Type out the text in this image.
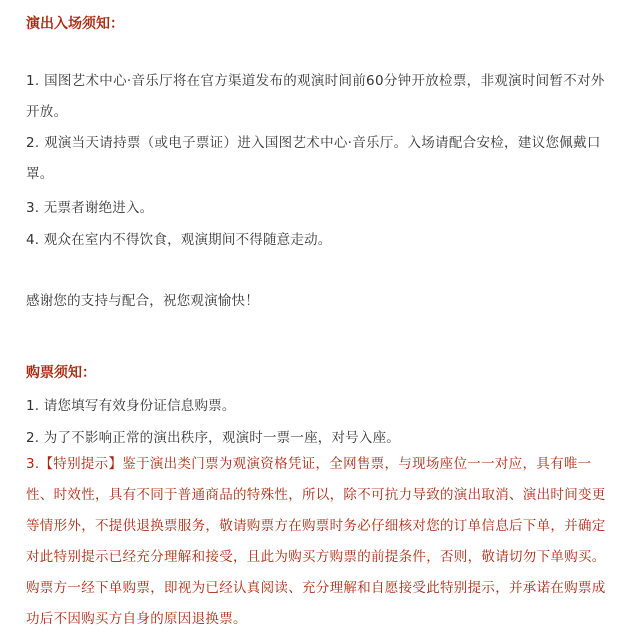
演出入场须知：
1. 国图艺术中心·音乐厅将在官方渠道发布的观演时间前60分钟开放检票，非观演时间暂不对外开放。
2. 观演当天请持票（或电子票证）进入国图艺术中心·音乐厅。入场请配合安检，建议您佩戴口罩。
3. 无票者谢绝进入。
4. 观众在室内不得饮食，观演期间不得随意走动。
感谢您的支持与配合，祝您观演愉快！
购票须知：
1. 请您填写有效身份证信息购票。
2. 为了不影响正常的演出秩序，观演时一票一座，对号入座。
3.【特别提示】鉴于演出类门票为观演资格凭证，全网售票，与现场座位一一对应，具有唯一性、时效性，具有不同于普通商品的特殊性，所以，除不可抗力导致的演出取消、演出时间变更等情形外，不提供退换票服务，敬请购票方在购票时务必仔细核对您的订单信息后下单，并确定对此特别提示已经充分理解和接受，且此为购买方购票的前提条件，否则，敬请切勿下单购买。购票方一经下单购票，即视为已经认真阅读、充分理解和自愿接受此特别提示，并承诺在购票成功后不因购买方自身的原因退换票。
